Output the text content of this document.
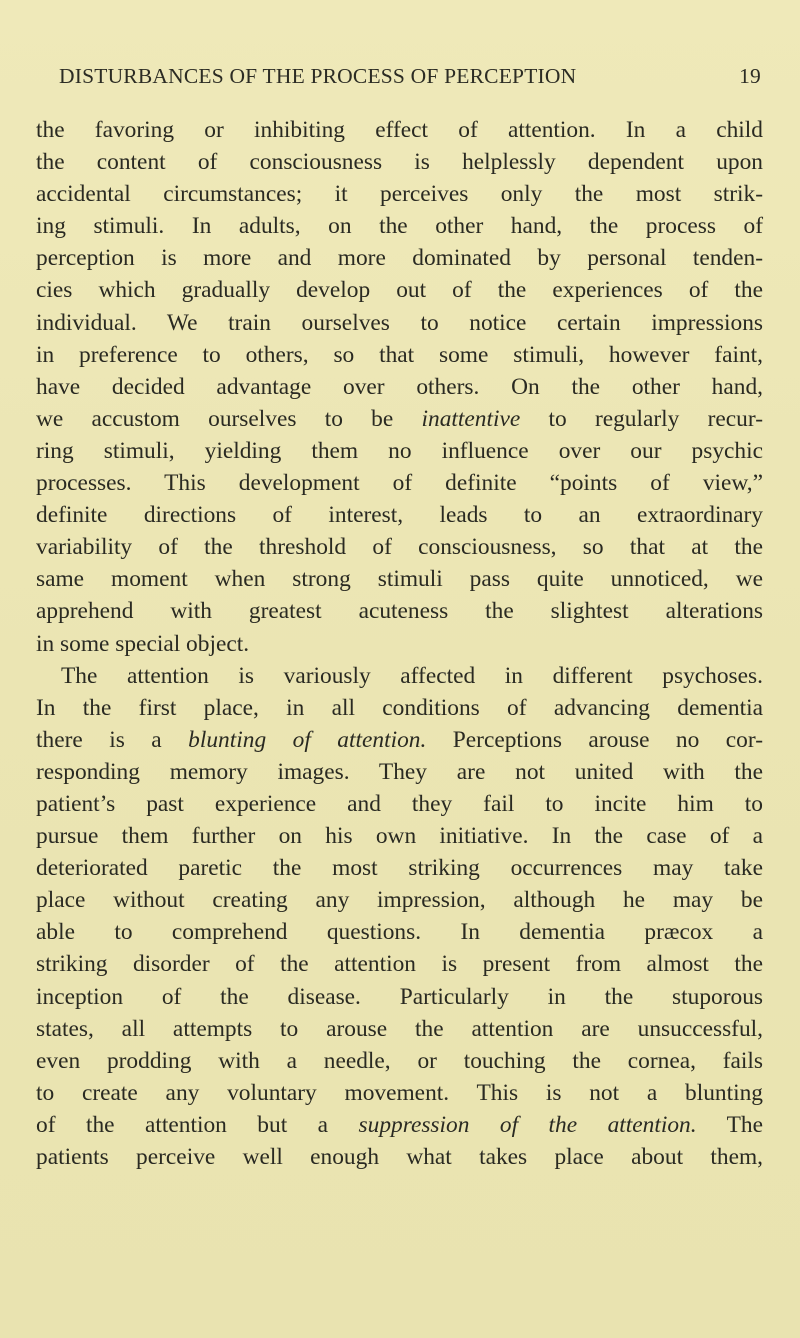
DISTURBANCES OF THE PROCESS OF PERCEPTION	19
the favoring or inhibiting effect of attention. In a child
the content of consciousness is helplessly dependent upon
accidental circumstances; it perceives only the most strik-
ing stimuli. In adults, on the other hand, the process of
perception is more and more dominated by personal tenden-
cies which gradually develop out of the experiences of the
individual. We train ourselves to notice certain impressions
in preference to others, so that some stimuli, however faint,
have decided advantage over others. On the other hand,
we accustom ourselves to be inattentive to regularly recur-
ring stimuli, yielding them no influence over our psychic
processes. This development of definite “points of view,”
definite directions of interest, leads to an extraordinary
variability of the threshold of consciousness, so that at the
same moment when strong stimuli pass quite unnoticed, we
apprehend with greatest acuteness the slightest alterations
in some special object.
The attention is variously affected in different psychoses.
In the first place, in all conditions of advancing dementia
there is a blunting of attention. Perceptions arouse no cor-
responding memory images. They are not united with the
patient’s past experience and they fail to incite him to
pursue them further on his own initiative. In the case of a
deteriorated paretic the most striking occurrences may take
place without creating any impression, although he may be
able to comprehend questions. In dementia præcox a
striking disorder of the attention is present from almost the
inception of the disease. Particularly in the stuporous
states, all attempts to arouse the attention are unsuccessful,
even prodding with a needle, or touching the cornea, fails
to create any voluntary movement. This is not a blunting
of the attention but a suppression of the attention. The
patients perceive well enough what takes place about them,
